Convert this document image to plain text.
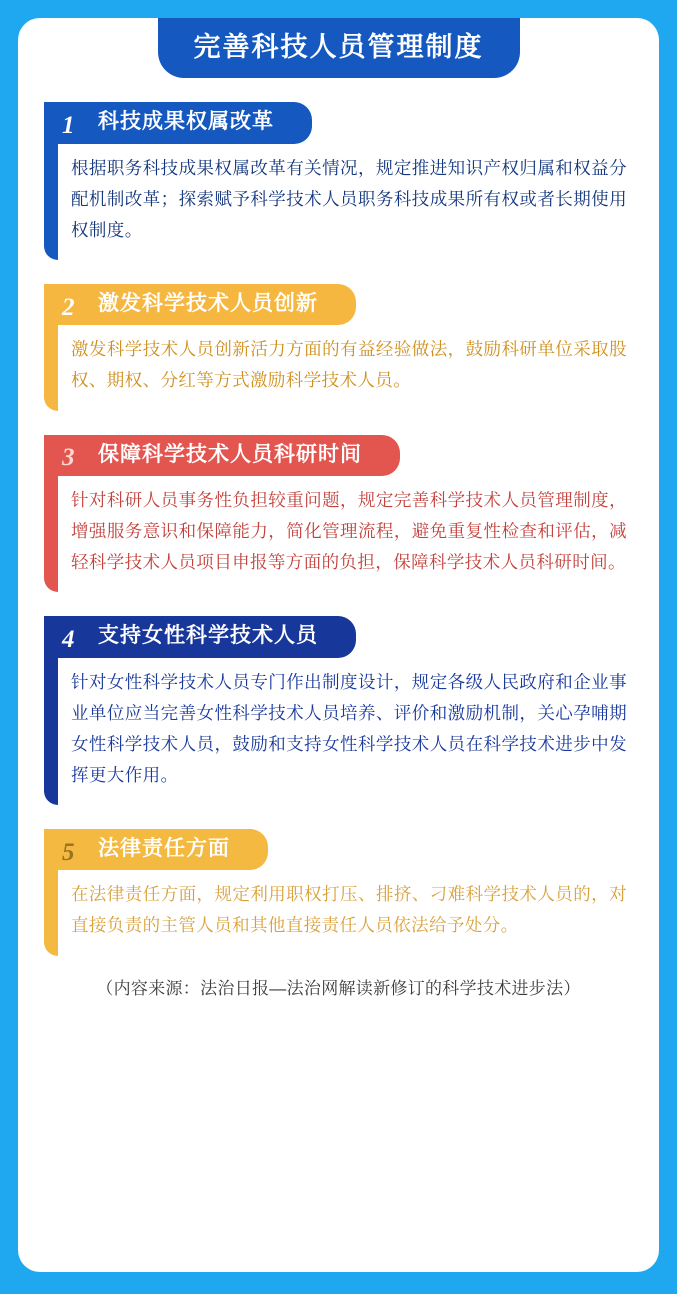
完善科技人员管理制度
1 科技成果权属改革
根据职务科技成果权属改革有关情况，规定推进知识产权归属和权益分配机制改革；探索赋予科学技术人员职务科技成果所有权或者长期使用权制度。
2 激发科学技术人员创新
激发科学技术人员创新活力方面的有益经验做法，鼓励科研单位采取股权、期权、分红等方式激励科学技术人员。
3 保障科学技术人员科研时间
针对科研人员事务性负担较重问题，规定完善科学技术人员管理制度，增强服务意识和保障能力，简化管理流程，避免重复性检查和评估，减轻科学技术人员项目申报等方面的负担，保障科学技术人员科研时间。
4 支持女性科学技术人员
针对女性科学技术人员专门作出制度设计，规定各级人民政府和企业事业单位应当完善女性科学技术人员培养、评价和激励机制，关心孕哺期女性科学技术人员，鼓励和支持女性科学技术人员在科学技术进步中发挥更大作用。
5 法律责任方面
在法律责任方面，规定利用职权打压、排挤、刁难科学技术人员的，对直接负责的主管人员和其他直接责任人员依法给予处分。
（内容来源：法治日报—法治网解读新修订的科学技术进步法）
